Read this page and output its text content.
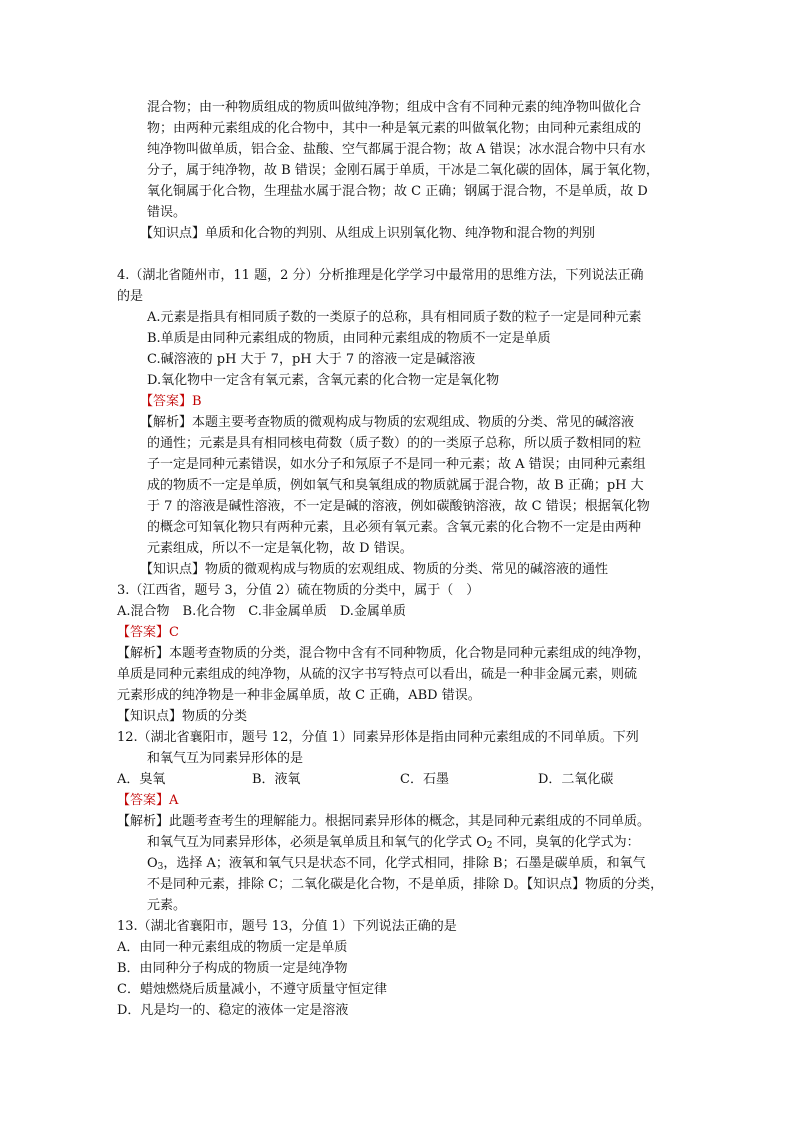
混合物；由一种物质组成的物质叫做纯净物；组成中含有不同种元素的纯净物叫做化合
物；由两种元素组成的化合物中，其中一种是氧元素的叫做氧化物；由同种元素组成的
纯净物叫做单质，铝合金、盐酸、空气都属于混合物；故 A 错误；冰水混合物中只有水
分子，属于纯净物，故 B 错误；金刚石属于单质，干冰是二氧化碳的固体，属于氧化物，
氧化铜属于化合物，生理盐水属于混合物；故 C 正确；钢属于混合物，不是单质，故 D
错误。
【知识点】单质和化合物的判别、从组成上识别氧化物、纯净物和混合物的判别
4.（湖北省随州市，11 题，2 分）分析推理是化学学习中最常用的思维方法，下列说法正确
的是
A.元素是指具有相同质子数的一类原子的总称，具有相同质子数的粒子一定是同种元素
B.单质是由同种元素组成的物质，由同种元素组成的物质不一定是单质
C.碱溶液的 pH 大于 7，pH 大于 7 的溶液一定是碱溶液
D.氧化物中一定含有氧元素，含氧元素的化合物一定是氧化物
【答案】B
【解析】本题主要考查物质的微观构成与物质的宏观组成、物质的分类、常见的碱溶液
的通性；元素是具有相同核电荷数（质子数）的的一类原子总称，所以质子数相同的粒
子一定是同种元素错误，如水分子和氖原子不是同一种元素；故 A 错误；由同种元素组
成的物质不一定是单质，例如氧气和臭氧组成的物质就属于混合物，故 B 正确；pH 大
于 7 的溶液是碱性溶液，不一定是碱的溶液，例如碳酸钠溶液，故 C 错误；根据氧化物
的概念可知氧化物只有两种元素，且必须有氧元素。含氧元素的化合物不一定是由两种
元素组成，所以不一定是氧化物，故 D 错误。
【知识点】物质的微观构成与物质的宏观组成、物质的分类、常见的碱溶液的通性
3.（江西省，题号 3，分值 2）硫在物质的分类中，属于（　）
A.混合物　B.化合物　C.非金属单质　D.金属单质
【答案】C
【解析】本题考查物质的分类，混合物中含有不同种物质，化合物是同种元素组成的纯净物，
单质是同种元素组成的纯净物，从硫的汉字书写特点可以看出，硫是一种非金属元素，则硫
元素形成的纯净物是一种非金属单质，故 C 正确，ABD 错误。
【知识点】物质的分类
12.（湖北省襄阳市，题号 12，分值 1）同素异形体是指由同种元素组成的不同单质。下列
和氧气互为同素异形体的是
A．臭氧	B．液氧	C．石墨	D．二氧化碳
【答案】A
【解析】此题考查考生的理解能力。根据同素异形体的概念，其是同种元素组成的不同单质。
和氧气互为同素异形体，必须是氧单质且和氧气的化学式 $O_2$ 不同，臭氧的化学式为：
$O_3$，选择 A；液氧和氧气只是状态不同，化学式相同，排除 B；石墨是碳单质，和氧气
不是同种元素，排除 C；二氧化碳是化合物，不是单质，排除 D。【知识点】物质的分类，
元素。
13.（湖北省襄阳市，题号 13，分值 1）下列说法正确的是
A．由同一种元素组成的物质一定是单质
B．由同种分子构成的物质一定是纯净物
C．蜡烛燃烧后质量减小，不遵守质量守恒定律
D．凡是均一的、稳定的液体一定是溶液
